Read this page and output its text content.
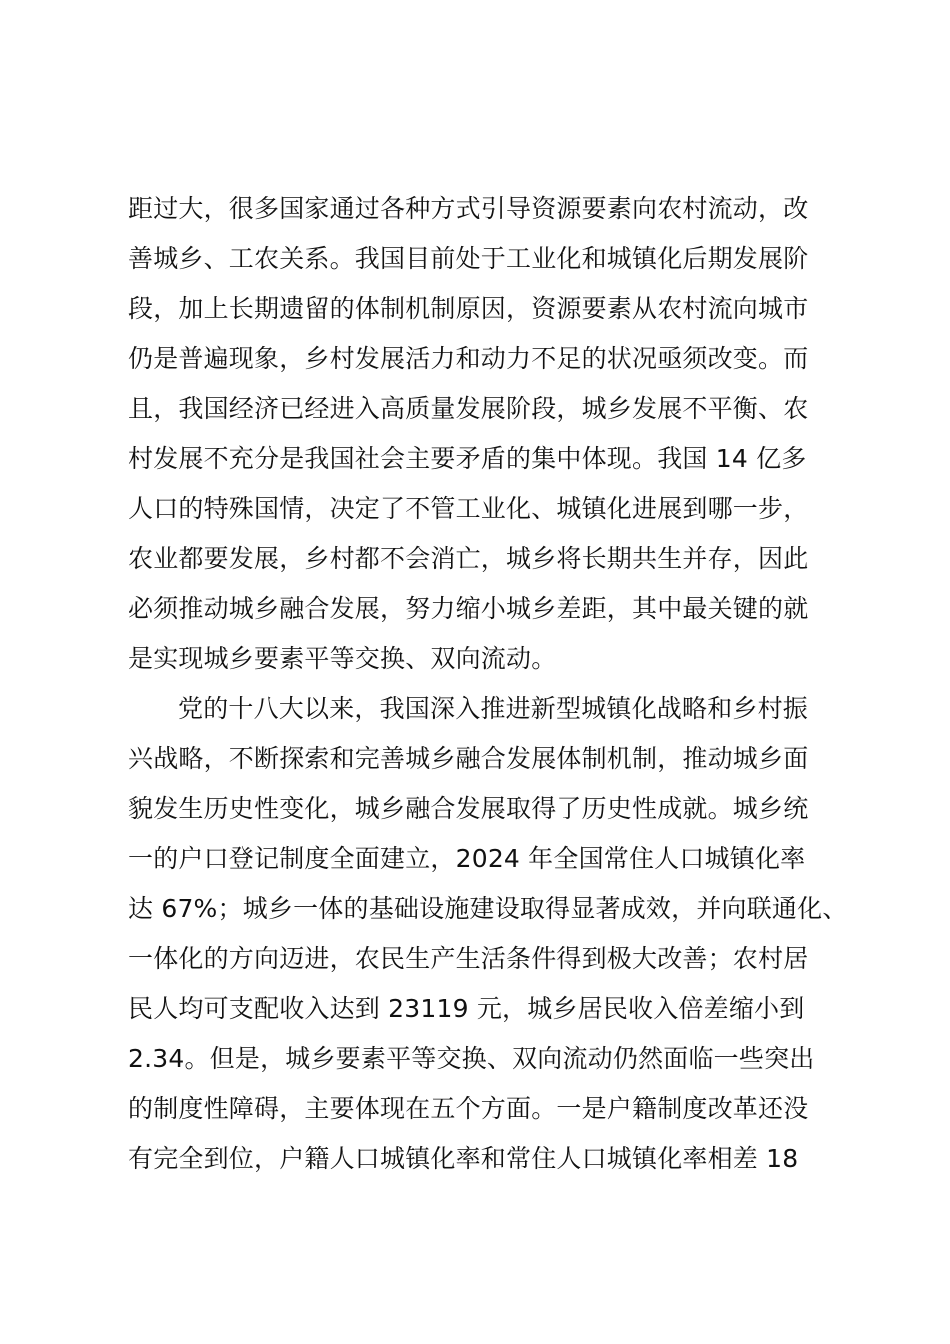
距过大，很多国家通过各种方式引导资源要素向农村流动，改
善城乡、工农关系。我国目前处于工业化和城镇化后期发展阶
段，加上长期遗留的体制机制原因，资源要素从农村流向城市
仍是普遍现象，乡村发展活力和动力不足的状况亟须改变。而
且，我国经济已经进入高质量发展阶段，城乡发展不平衡、农
村发展不充分是我国社会主要矛盾的集中体现。我国 14 亿多
人口的特殊国情，决定了不管工业化、城镇化进展到哪一步，
农业都要发展，乡村都不会消亡，城乡将长期共生并存，因此
必须推动城乡融合发展，努力缩小城乡差距，其中最关键的就
是实现城乡要素平等交换、双向流动。
党的十八大以来，我国深入推进新型城镇化战略和乡村振
兴战略，不断探索和完善城乡融合发展体制机制，推动城乡面
貌发生历史性变化，城乡融合发展取得了历史性成就。城乡统
一的户口登记制度全面建立，2024 年全国常住人口城镇化率
达 67%；城乡一体的基础设施建设取得显著成效，并向联通化、
一体化的方向迈进，农民生产生活条件得到极大改善；农村居
民人均可支配收入达到 23119 元，城乡居民收入倍差缩小到
2.34。但是，城乡要素平等交换、双向流动仍然面临一些突出
的制度性障碍，主要体现在五个方面。一是户籍制度改革还没
有完全到位，户籍人口城镇化率和常住人口城镇化率相差 18
